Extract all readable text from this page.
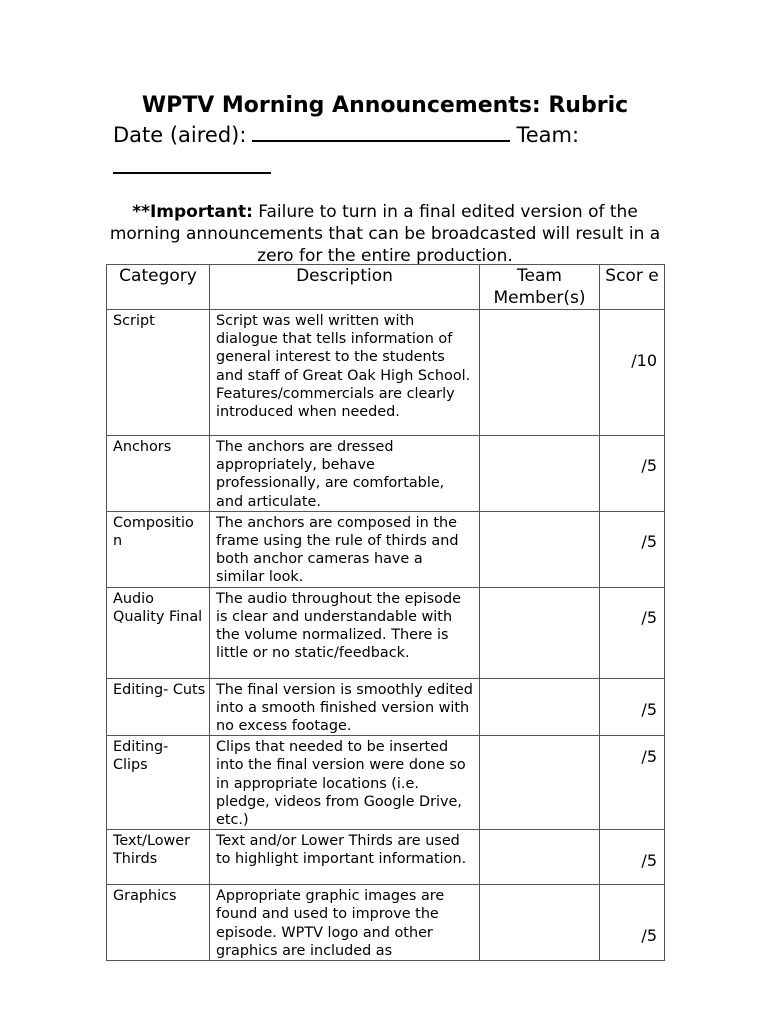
WPTV Morning Announcements: Rubric
Date (aired):	Team:
**Important: Failure to turn in a final edited version of the morning announcements that can be broadcasted will result in a zero for the entire production.
Category	Description	Team Member(s)	Scor e
Script	Script was well written with dialogue that tells information of general interest to the students and staff of Great Oak High School. Features/commercials are clearly introduced when needed.		/10

Anchors	The anchors are dressed appropriately, behave professionally, are comfortable, and articulate.		/5

Compositio n	The anchors are composed in the frame using the rule of thirds and both anchor cameras have a similar look.		/5

Audio Quality Final	The audio throughout the episode is clear and understandable with the volume normalized. There is little or no static/feedback.		/5

Editing- Cuts	The final version is smoothly edited into a smooth finished version with no excess footage.		/5

Editing- Clips	Clips that needed to be inserted into the final version were done so in appropriate locations (i.e. pledge, videos from Google Drive, etc.)		/5

Text/Lower Thirds	Text and/or Lower Thirds are used to highlight important information.		/5

Graphics	Appropriate graphic images are found and used to improve the episode. WPTV logo and other graphics are included as		/5
